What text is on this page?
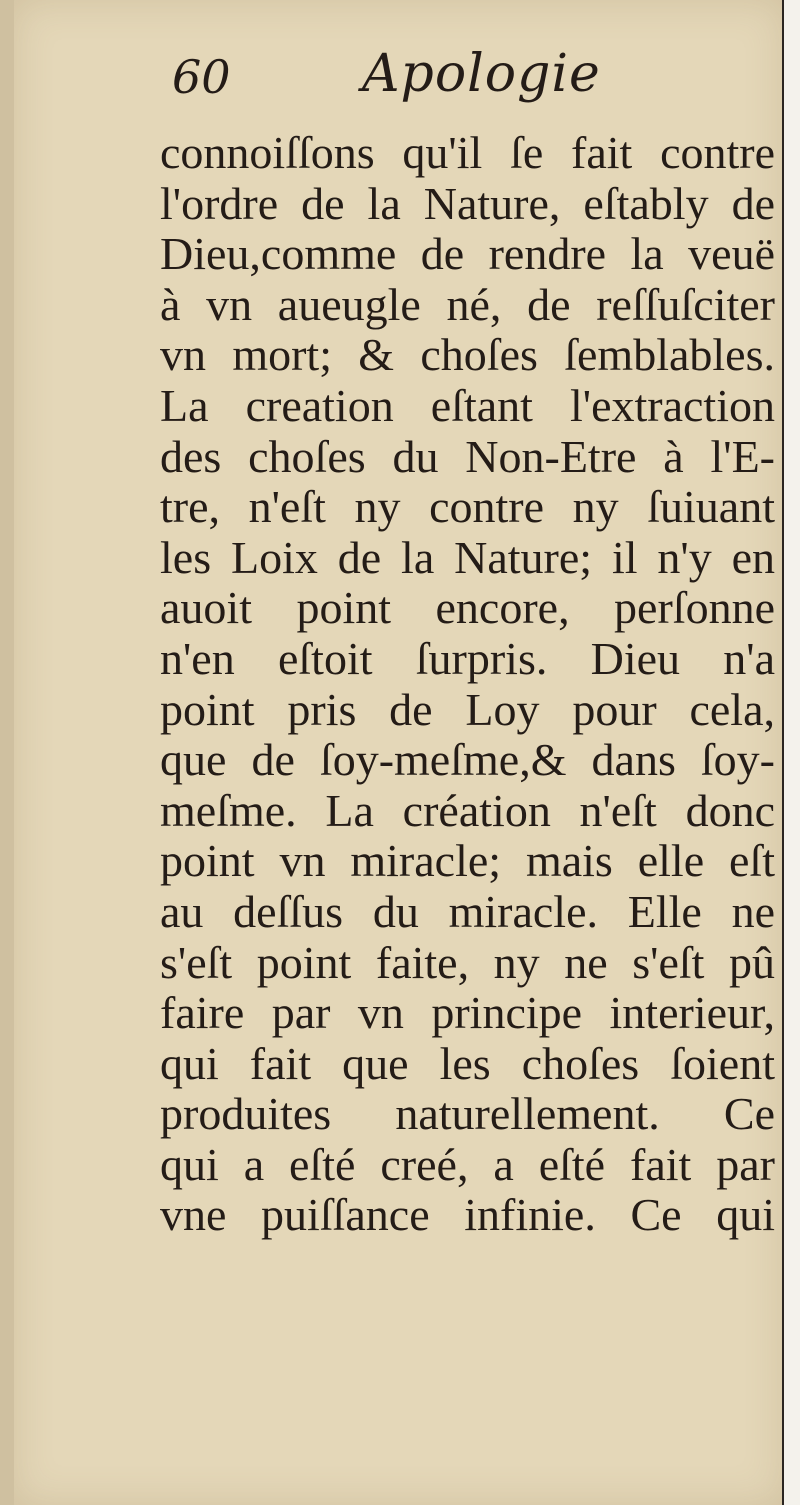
60	Apologie
connoiſſons qu'il ſe fait contre
l'ordre de la Nature, eſtably de
Dieu,comme de rendre la veuë
à vn aueugle né, de reſſuſciter
vn mort; & choſes ſemblables.
La creation eſtant l'extraction
des choſes du Non-Etre à l'E-
tre, n'eſt ny contre ny ſuiuant
les Loix de la Nature; il n'y en
auoit point encore, perſonne
n'en eſtoit ſurpris. Dieu n'a
point pris de Loy pour cela,
que de ſoy-meſme,& dans ſoy-
meſme. La création n'eſt donc
point vn miracle; mais elle eſt
au deſſus du miracle. Elle ne
s'eſt point faite, ny ne s'eſt pû
faire par vn principe interieur,
qui fait que les choſes ſoient
produites naturellement. Ce
qui a eſté creé, a eſté fait par
vne puiſſance infinie. Ce qui
